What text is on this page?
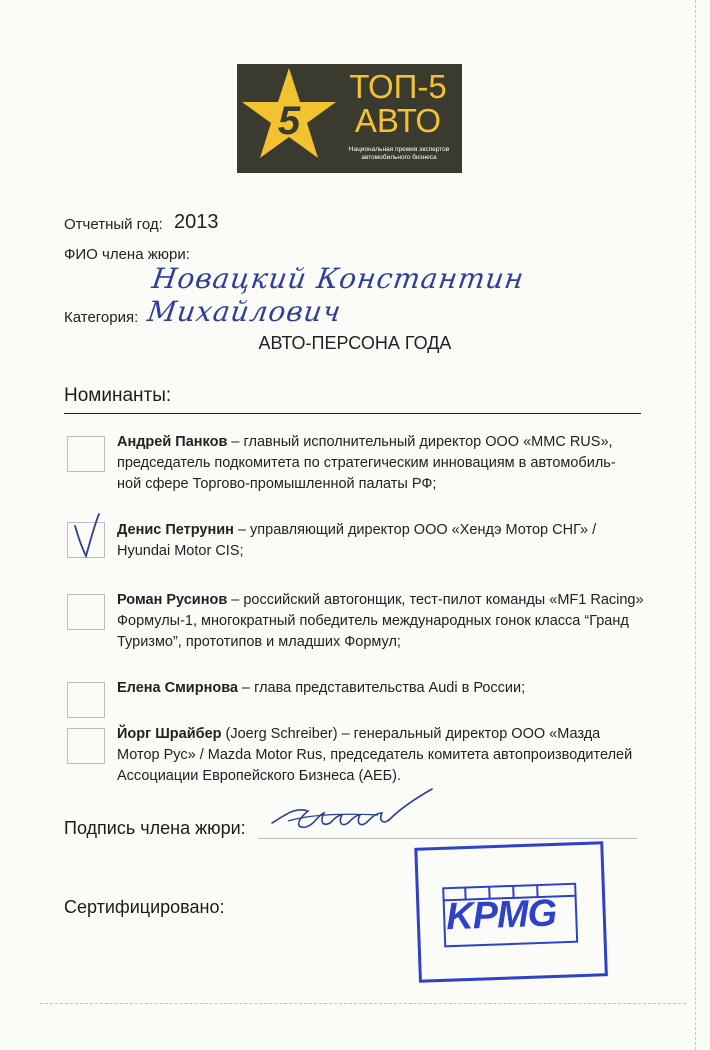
5
ТОП-5
АВТО
Национальная премия экспертов
автомобильного бизнеса
Отчетный год: 2013
ФИО члена жюри:
Новацкий Константин Михайлович
Категория:
АВТО-ПЕРСОНА ГОДА
Номинанты:
Андрей Панков – главный исполнительный директор ООО «ММС RUS»,
председатель подкомитета по стратегическим инновациям в автомобиль-
ной сфере Торгово-промышленной палаты РФ;
Денис Петрунин – управляющий директор ООО «Хендэ Мотор СНГ» /
Hyundai Motor CIS;
Роман Русинов – российский автогонщик, тест-пилот команды «MF1 Racing»
Формулы-1, многократный победитель международных гонок класса “Гранд
Туризмо”, прототипов и младших Формул;
Елена Смирнова – глава представительства Audi в России;
Йорг Шрайбер (Joerg Schreiber) – генеральный директор ООО «Мазда
Мотор Рус» / Mazda Motor Rus, председатель комитета автопроизводителей
Ассоциации Европейского Бизнеса (АЕБ).
Подпись члена жюри:
Сертифицировано:	KPMG
